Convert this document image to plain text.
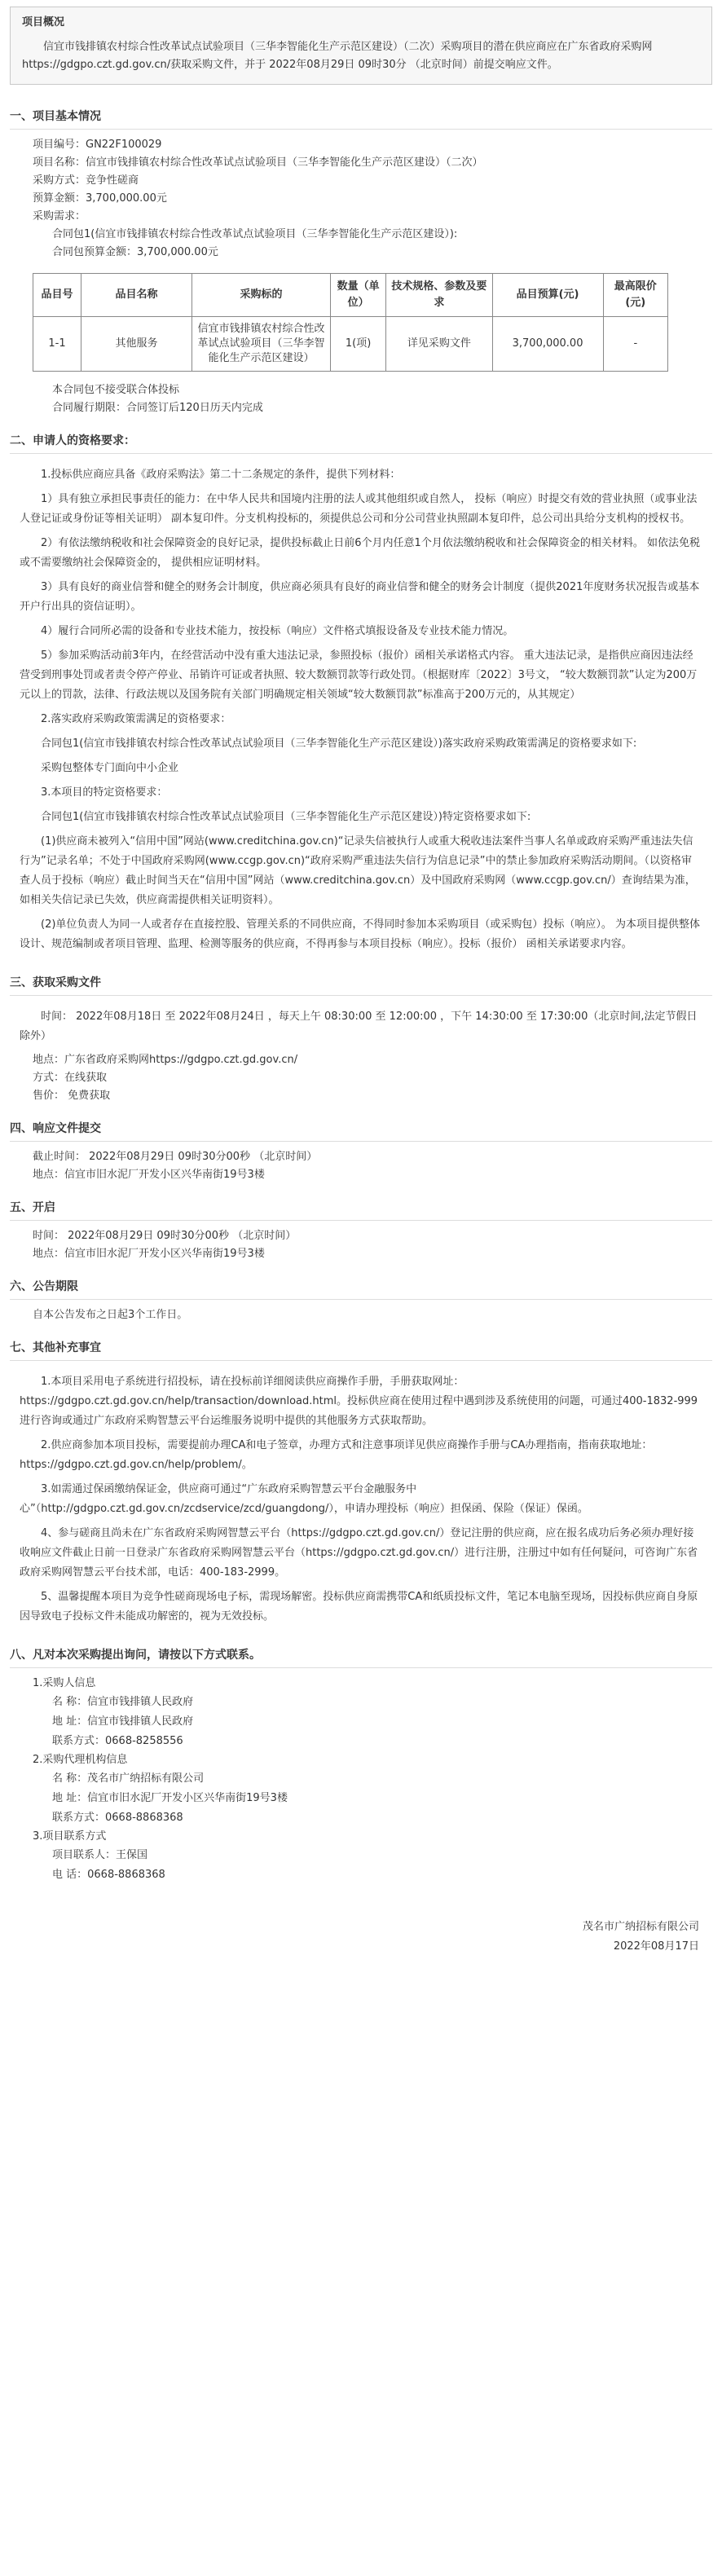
项目概况

信宜市钱排镇农村综合性改革试点试验项目（三华李智能化生产示范区建设）（二次）采购项目的潜在供应商应在广东省政府采购网https://gdgpo.czt.gd.gov.cn/获取采购文件，并于 2022年08月29日 09时30分 （北京时间）前提交响应文件。

一、项目基本情况

项目编号：GN22F100029

项目名称：信宜市钱排镇农村综合性改革试点试验项目（三华李智能化生产示范区建设）（二次）

采购方式：竞争性磋商

预算金额：3,700,000.00元

采购需求：

合同包1(信宜市钱排镇农村综合性改革试点试验项目（三华李智能化生产示范区建设）):

合同包预算金额：3,700,000.00元

品目号	品目名称	采购标的	数量（单位）	技术规格、参数及要求	品目预算(元)	最高限价(元)
1-1	其他服务	信宜市钱排镇农村综合性改革试点试验项目（三华李智能化生产示范区建设）	1(项)	详见采购文件	3,700,000.00	-

本合同包不接受联合体投标

合同履行期限：合同签订后120日历天内完成

二、申请人的资格要求：

1.投标供应商应具备《政府采购法》第二十二条规定的条件，提供下列材料：

1）具有独立承担民事责任的能力：在中华人民共和国境内注册的法人或其他组织或自然人， 投标（响应）时提交有效的营业执照（或事业法人登记证或身份证等相关证明） 副本复印件。分支机构投标的，须提供总公司和分公司营业执照副本复印件，总公司出具给分支机构的授权书。

2）有依法缴纳税收和社会保障资金的良好记录，提供投标截止日前6个月内任意1个月依法缴纳税收和社会保障资金的相关材料。 如依法免税或不需要缴纳社会保障资金的， 提供相应证明材料。

3）具有良好的商业信誉和健全的财务会计制度，供应商必须具有良好的商业信誉和健全的财务会计制度（提供2021年度财务状况报告或基本开户行出具的资信证明）。

4）履行合同所必需的设备和专业技术能力，按投标（响应）文件格式填报设备及专业技术能力情况。

5）参加采购活动前3年内，在经营活动中没有重大违法记录，参照投标（报价）函相关承诺格式内容。 重大违法记录，是指供应商因违法经营受到刑事处罚或者责令停产停业、吊销许可证或者执照、较大数额罚款等行政处罚。（根据财库〔2022〕3号文， “较大数额罚款”认定为200万元以上的罚款，法律、行政法规以及国务院有关部门明确规定相关领域“较大数额罚款”标准高于200万元的，从其规定）

2.落实政府采购政策需满足的资格要求：

合同包1(信宜市钱排镇农村综合性改革试点试验项目（三华李智能化生产示范区建设）)落实政府采购政策需满足的资格要求如下:

采购包整体专门面向中小企业

3.本项目的特定资格要求：

合同包1(信宜市钱排镇农村综合性改革试点试验项目（三华李智能化生产示范区建设）)特定资格要求如下:

(1)供应商未被列入“信用中国”网站(www.creditchina.gov.cn)“记录失信被执行人或重大税收违法案件当事人名单或政府采购严重违法失信行为”记录名单；不处于中国政府采购网(www.ccgp.gov.cn)“政府采购严重违法失信行为信息记录”中的禁止参加政府采购活动期间。（以资格审查人员于投标（响应）截止时间当天在“信用中国”网站（www.creditchina.gov.cn）及中国政府采购网（www.ccgp.gov.cn/）查询结果为准，如相关失信记录已失效，供应商需提供相关证明资料）。

(2)单位负责人为同一人或者存在直接控股、管理关系的不同供应商，不得同时参加本采购项目（或采购包）投标（响应）。 为本项目提供整体设计、规范编制或者项目管理、监理、检测等服务的供应商，不得再参与本项目投标（响应）。投标（报价） 函相关承诺要求内容。

三、获取采购文件

时间： 2022年08月18日 至 2022年08月24日 ，每天上午 08:30:00 至 12:00:00 ，下午 14:30:00 至 17:30:00（北京时间,法定节假日除外）

地点：广东省政府采购网https://gdgpo.czt.gd.gov.cn/

方式：在线获取

售价： 免费获取

四、响应文件提交

截止时间： 2022年08月29日 09时30分00秒 （北京时间）

地点：信宜市旧水泥厂开发小区兴华南街19号3楼

五、开启

时间： 2022年08月29日 09时30分00秒 （北京时间）

地点：信宜市旧水泥厂开发小区兴华南街19号3楼

六、公告期限

自本公告发布之日起3个工作日。

七、其他补充事宜

1.本项目采用电子系统进行招投标，请在投标前详细阅读供应商操作手册，手册获取网址：https://gdgpo.czt.gd.gov.cn/help/transaction/download.html。投标供应商在使用过程中遇到涉及系统使用的问题，可通过400-1832-999进行咨询或通过广东政府采购智慧云平台运维服务说明中提供的其他服务方式获取帮助。

2.供应商参加本项目投标，需要提前办理CA和电子签章，办理方式和注意事项详见供应商操作手册与CA办理指南，指南获取地址：https://gdgpo.czt.gd.gov.cn/help/problem/。

3.如需通过保函缴纳保证金，供应商可通过“广东政府采购智慧云平台金融服务中心”（http://gdgpo.czt.gd.gov.cn/zcdservice/zcd/guangdong/），申请办理投标（响应）担保函、保险（保证）保函。

4、参与磋商且尚未在广东省政府采购网智慧云平台（https://gdgpo.czt.gd.gov.cn/）登记注册的供应商，应在报名成功后务必须办理好接收响应文件截止日前一日登录广东省政府采购网智慧云平台（https://gdgpo.czt.gd.gov.cn/）进行注册，注册过中如有任何疑问，可咨询广东省政府采购网智慧云平台技术部，电话：400-183-2999。

5、温馨提醒本项目为竞争性磋商现场电子标，需现场解密。投标供应商需携带CA和纸质投标文件，笔记本电脑至现场，因投标供应商自身原因导致电子投标文件未能成功解密的，视为无效投标。

八、凡对本次采购提出询问，请按以下方式联系。

1.采购人信息

名 称： 信宜市钱排镇人民政府
地 址： 信宜市钱排镇人民政府
联系方式： 0668-8258556

2.采购代理机构信息

名 称： 茂名市广纳招标有限公司
地 址： 信宜市旧水泥厂开发小区兴华南街19号3楼
联系方式： 0668-8868368

3.项目联系方式

项目联系人： 王保国
电 话： 0668-8868368
茂名市广纳招标有限公司
2022年08月17日
